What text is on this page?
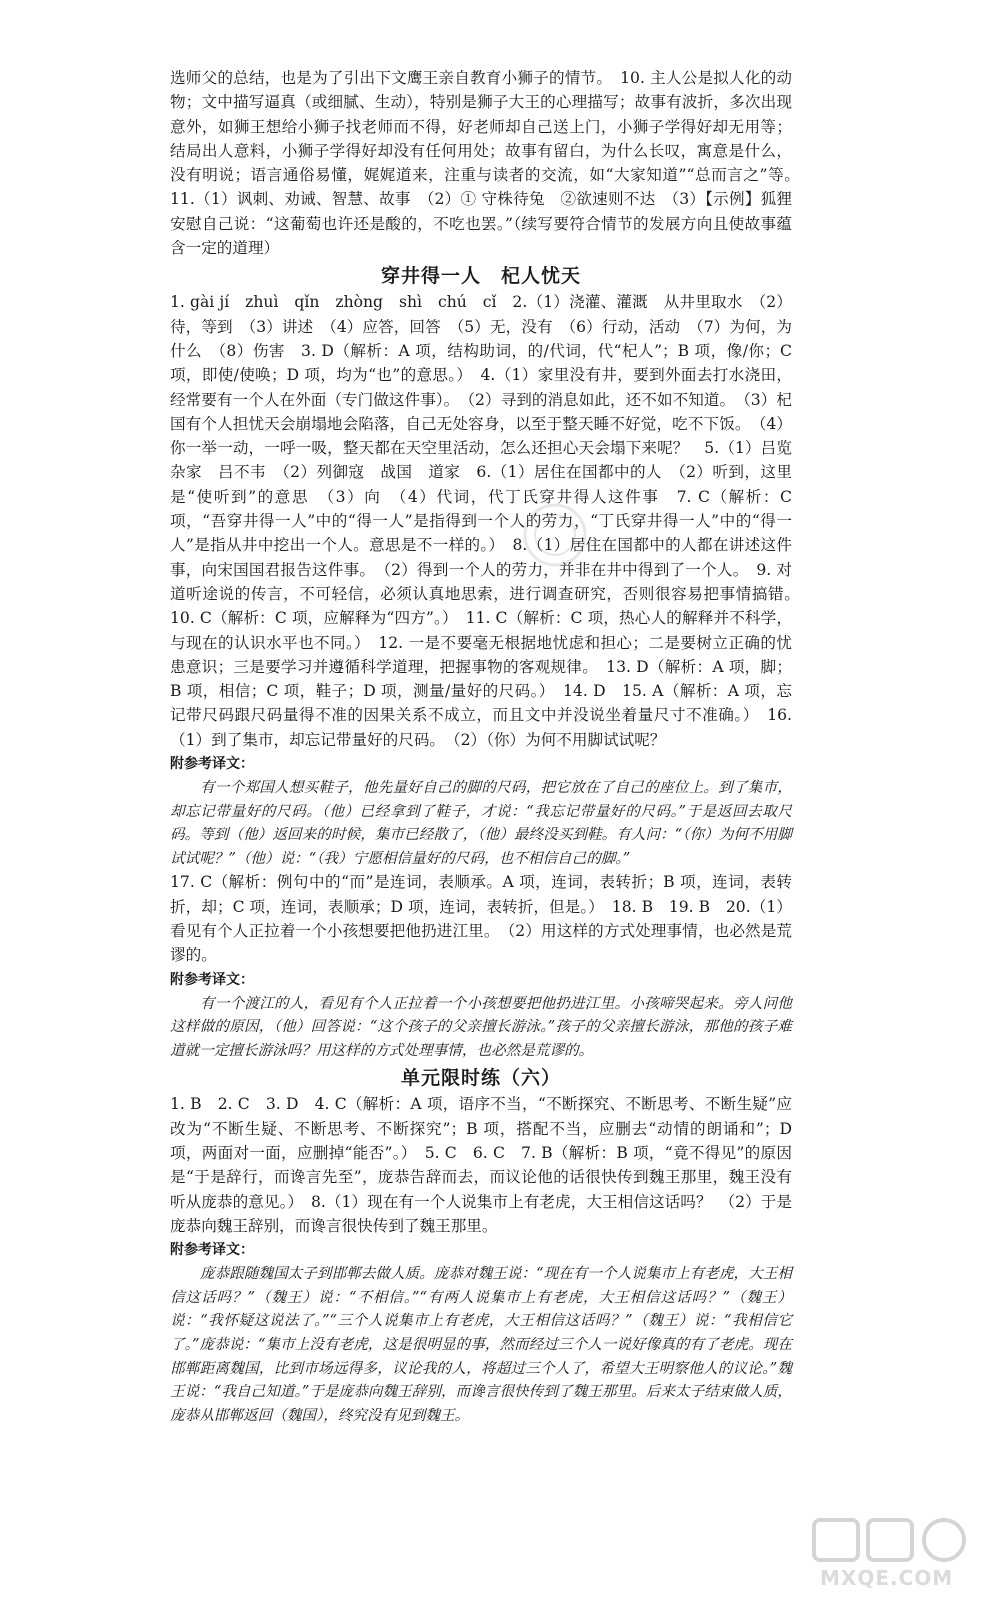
选师父的总结，也是为了引出下文鹰王亲自教育小狮子的情节。　10. 主人公是拟人化的动物；文中描写逼真（或细腻、生动），特别是狮子大王的心理描写；故事有波折，多次出现意外，如狮王想给小狮子找老师而不得，好老师却自己送上门，小狮子学得好却无用等；结局出人意料，小狮子学得好却没有任何用处；故事有留白，为什么长叹，寓意是什么，没有明说；语言通俗易懂，娓娓道来，注重与读者的交流，如“大家知道”“总而言之”等。　11.（1）讽刺、劝诫、智慧、故事　（2）① 守株待兔　②欲速则不达　（3）【示例】狐狸安慰自己说：“这葡萄也许还是酸的，不吃也罢。”（续写要符合情节的发展方向且使故事蕴含一定的道理）

穿井得一人　杞人忧天

1. gài jí　zhuì　qǐn　zhòng　shì　chú　cǐ　2.（1）浇灌、灌溉　从井里取水　（2）待，等到　（3）讲述　（4）应答，回答　（5）无，没有　（6）行动，活动　（7）为何，为什么　（8）伤害　3. D（解析：A 项，结构助词，的/代词，代“杞人”；B 项，像/你；C 项，即使/使唤；D 项，均为“也”的意思。）　4.（1）家里没有井，要到外面去打水浇田，经常要有一个人在外面（专门做这件事）。　（2）寻到的消息如此，还不如不知道。　（3）杞国有个人担忧天会崩塌地会陷落，自己无处容身，以至于整天睡不好觉，吃不下饭。　（4）你一举一动，一呼一吸，整天都在天空里活动，怎么还担心天会塌下来呢？　5.（1）吕览　杂家　吕不韦　（2）列御寇　战国　道家　6.（1）居住在国都中的人　（2）听到，这里是“使听到”的意思　（3）向　（4）代词，代丁氏穿井得人这件事　7. C（解析：C 项，“吾穿井得一人”中的“得一人”是指得到一个人的劳力，“丁氏穿井得一人”中的“得一人”是指从井中挖出一个人。意思是不一样的。）　8.（1）居住在国都中的人都在讲述这件事，向宋国国君报告这件事。　（2）得到一个人的劳力，并非在井中得到了一个人。　9. 对道听途说的传言，不可轻信，必须认真地思索，进行调查研究，否则很容易把事情搞错。　10. C（解析：C 项，应解释为“四方”。）　11. C（解析：C 项，热心人的解释并不科学，与现在的认识水平也不同。）　12. 一是不要毫无根据地忧虑和担心；二是要树立正确的忧患意识；三是要学习并遵循科学道理，把握事物的客观规律。　13. D（解析：A 项，脚；B 项，相信；C 项，鞋子；D 项，测量/量好的尺码。）　14. D　15. A（解析：A 项，忘记带尺码跟尺码量得不准的因果关系不成立，而且文中并没说坐着量尺寸不准确。）　16.（1）到了集市，却忘记带量好的尺码。　（2）（你）为何不用脚试试呢？

附参考译文：

有一个郑国人想买鞋子，他先量好自己的脚的尺码，把它放在了自己的座位上。到了集市，却忘记带量好的尺码。（他）已经拿到了鞋子，才说：“我忘记带量好的尺码。”于是返回去取尺码。等到（他）返回来的时候，集市已经散了，（他）最终没买到鞋。有人问：“（你）为何不用脚试试呢？”（他）说：“（我）宁愿相信量好的尺码，也不相信自己的脚。”

17. C（解析：例句中的“而”是连词，表顺承。A 项，连词，表转折；B 项，连词，表转折，却；C 项，连词，表顺承；D 项，连词，表转折，但是。）　18. B　19. B　20.（1）看见有个人正拉着一个小孩想要把他扔进江里。　（2）用这样的方式处理事情，也必然是荒谬的。

附参考译文：

有一个渡江的人，看见有个人正拉着一个小孩想要把他扔进江里。小孩啼哭起来。旁人问他这样做的原因，（他）回答说：“这个孩子的父亲擅长游泳。”孩子的父亲擅长游泳，那他的孩子难道就一定擅长游泳吗？用这样的方式处理事情，也必然是荒谬的。

单元限时练（六）

1. B　2. C　3. D　4. C（解析：A 项，语序不当，“不断探究、不断思考、不断生疑”应改为“不断生疑、不断思考、不断探究”；B 项，搭配不当，应删去“动情的朗诵和”；D 项，两面对一面，应删掉“能否”。）　5. C　6. C　7. B（解析：B 项，“竟不得见”的原因是“于是辞行，而谗言先至”，庞恭告辞而去，而议论他的话很快传到魏王那里，魏王没有听从庞恭的意见。）　8.（1）现在有一个人说集市上有老虎，大王相信这话吗？　（2）于是庞恭向魏王辞别，而谗言很快传到了魏王那里。

附参考译文：

庞恭跟随魏国太子到邯郸去做人质。庞恭对魏王说：“现在有一个人说集市上有老虎，大王相信这话吗？”（魏王）说：“不相信。”“有两人说集市上有老虎，大王相信这话吗？”（魏王）说：“我怀疑这说法了。”“三个人说集市上有老虎，大王相信这话吗？”（魏王）说：“我相信它了。”庞恭说：“集市上没有老虎，这是很明显的事，然而经过三个人一说好像真的有了老虎。现在邯郸距离魏国，比到市场远得多，议论我的人，将超过三个人了，希望大王明察他人的议论。”魏王说：“我自己知道。”于是庞恭向魏王辞别，而谗言很快传到了魏王那里。后来太子结束做人质，庞恭从邯郸返回（魏国），终究没有见到魏王。

MXQE.COM
